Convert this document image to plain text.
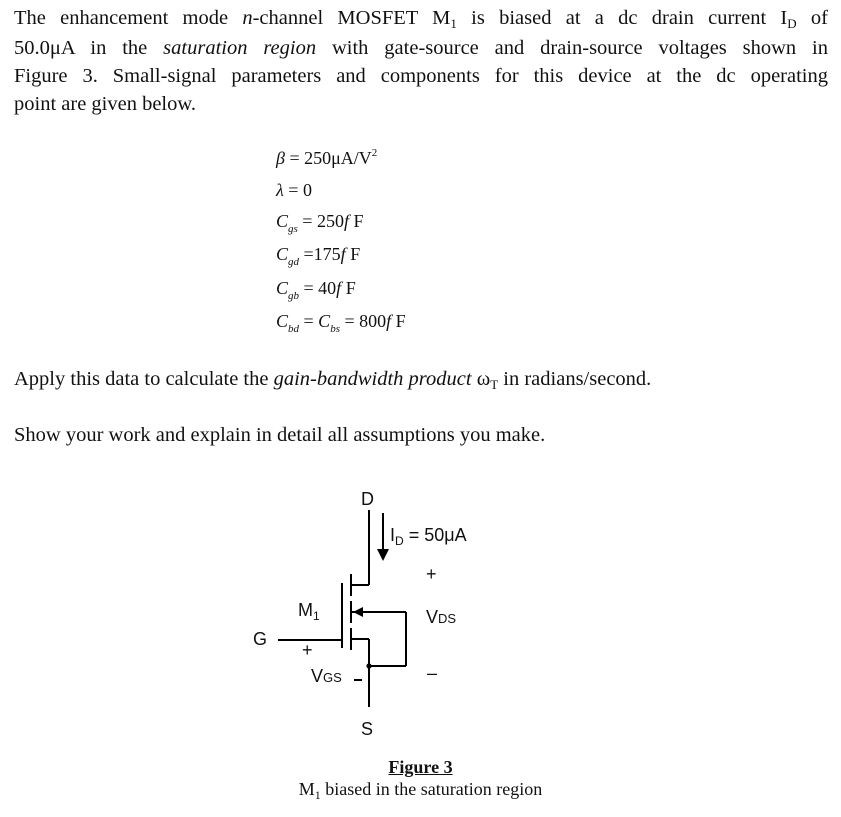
The enhancement mode n-channel MOSFET M1 is biased at a dc drain current ID of
50.0μA in the saturation region with gate-source and drain-source voltages shown in
Figure 3. Small-signal parameters and components for this device at the dc operating
point are given below.

$\beta = 250\mu A/V^2$
λ = 0
$C_{gs} = 250f$ F
$C_{gd} =175f$ F
$C_{gb} = 40f$ F
$C_{bd} = C_{bs} = 800f$ F

Apply this data to calculate the gain-bandwidth product ωT in radians/second.

Show your work and explain in detail all assumptions you make.

D
G
S
$I_D = 50\mu A$
$M_1$
+
VDS
–
+
VGS
Figure 3
$M_1$ biased in the saturation region
